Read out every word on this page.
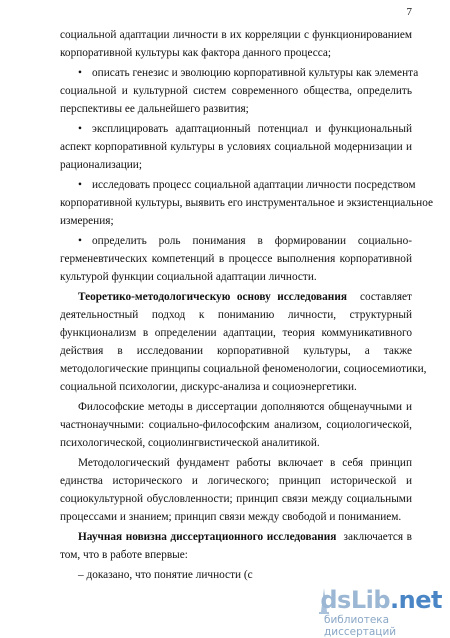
7
социальной адаптации личности в их корреляции с функционированием
корпоративной культуры как фактора данного процесса;
• описать генезис и эволюцию корпоративной культуры как элемента
социальной и культурной систем современного общества, определить
перспективы ее дальнейшего развития;
• эксплицировать адаптационный потенциал и функциональный
аспект корпоративной культуры в условиях социальной модернизации и
рационализации;
• исследовать процесс социальной адаптации личности посредством
корпоративной культуры, выявить его инструментальное и экзистенциальное
измерения;
• определить роль понимания в формировании социально-
герменевтических компетенций в процессе выполнения корпоративной
культурой функции социальной адаптации личности.
Теоретико-методологическую основу исследования составляет
деятельностный подход к пониманию личности, структурный
функционализм в определении адаптации, теория коммуникативного
действия в исследовании корпоративной культуры, а также
методологические принципы социальной феноменологии, социосемиотики,
социальной психологии, дискурс-анализа и социоэнергетики.
Философские методы в диссертации дополняются общенаучными и
частнонаучными: социально-философским анализом, социологической,
психологической, социолингвистической аналитикой.
Методологический фундамент работы включает в себя принцип
единства исторического и логического; принцип исторической и
социокультурной обусловленности; принцип связи между социальными
процессами и знанием; принцип связи между свободой и пониманием.
Научная новизна диссертационного исследования заключается в
том, что в работе впервые:
– доказано, что понятие личности (с
dsLib.net
библиотека диссертаций
